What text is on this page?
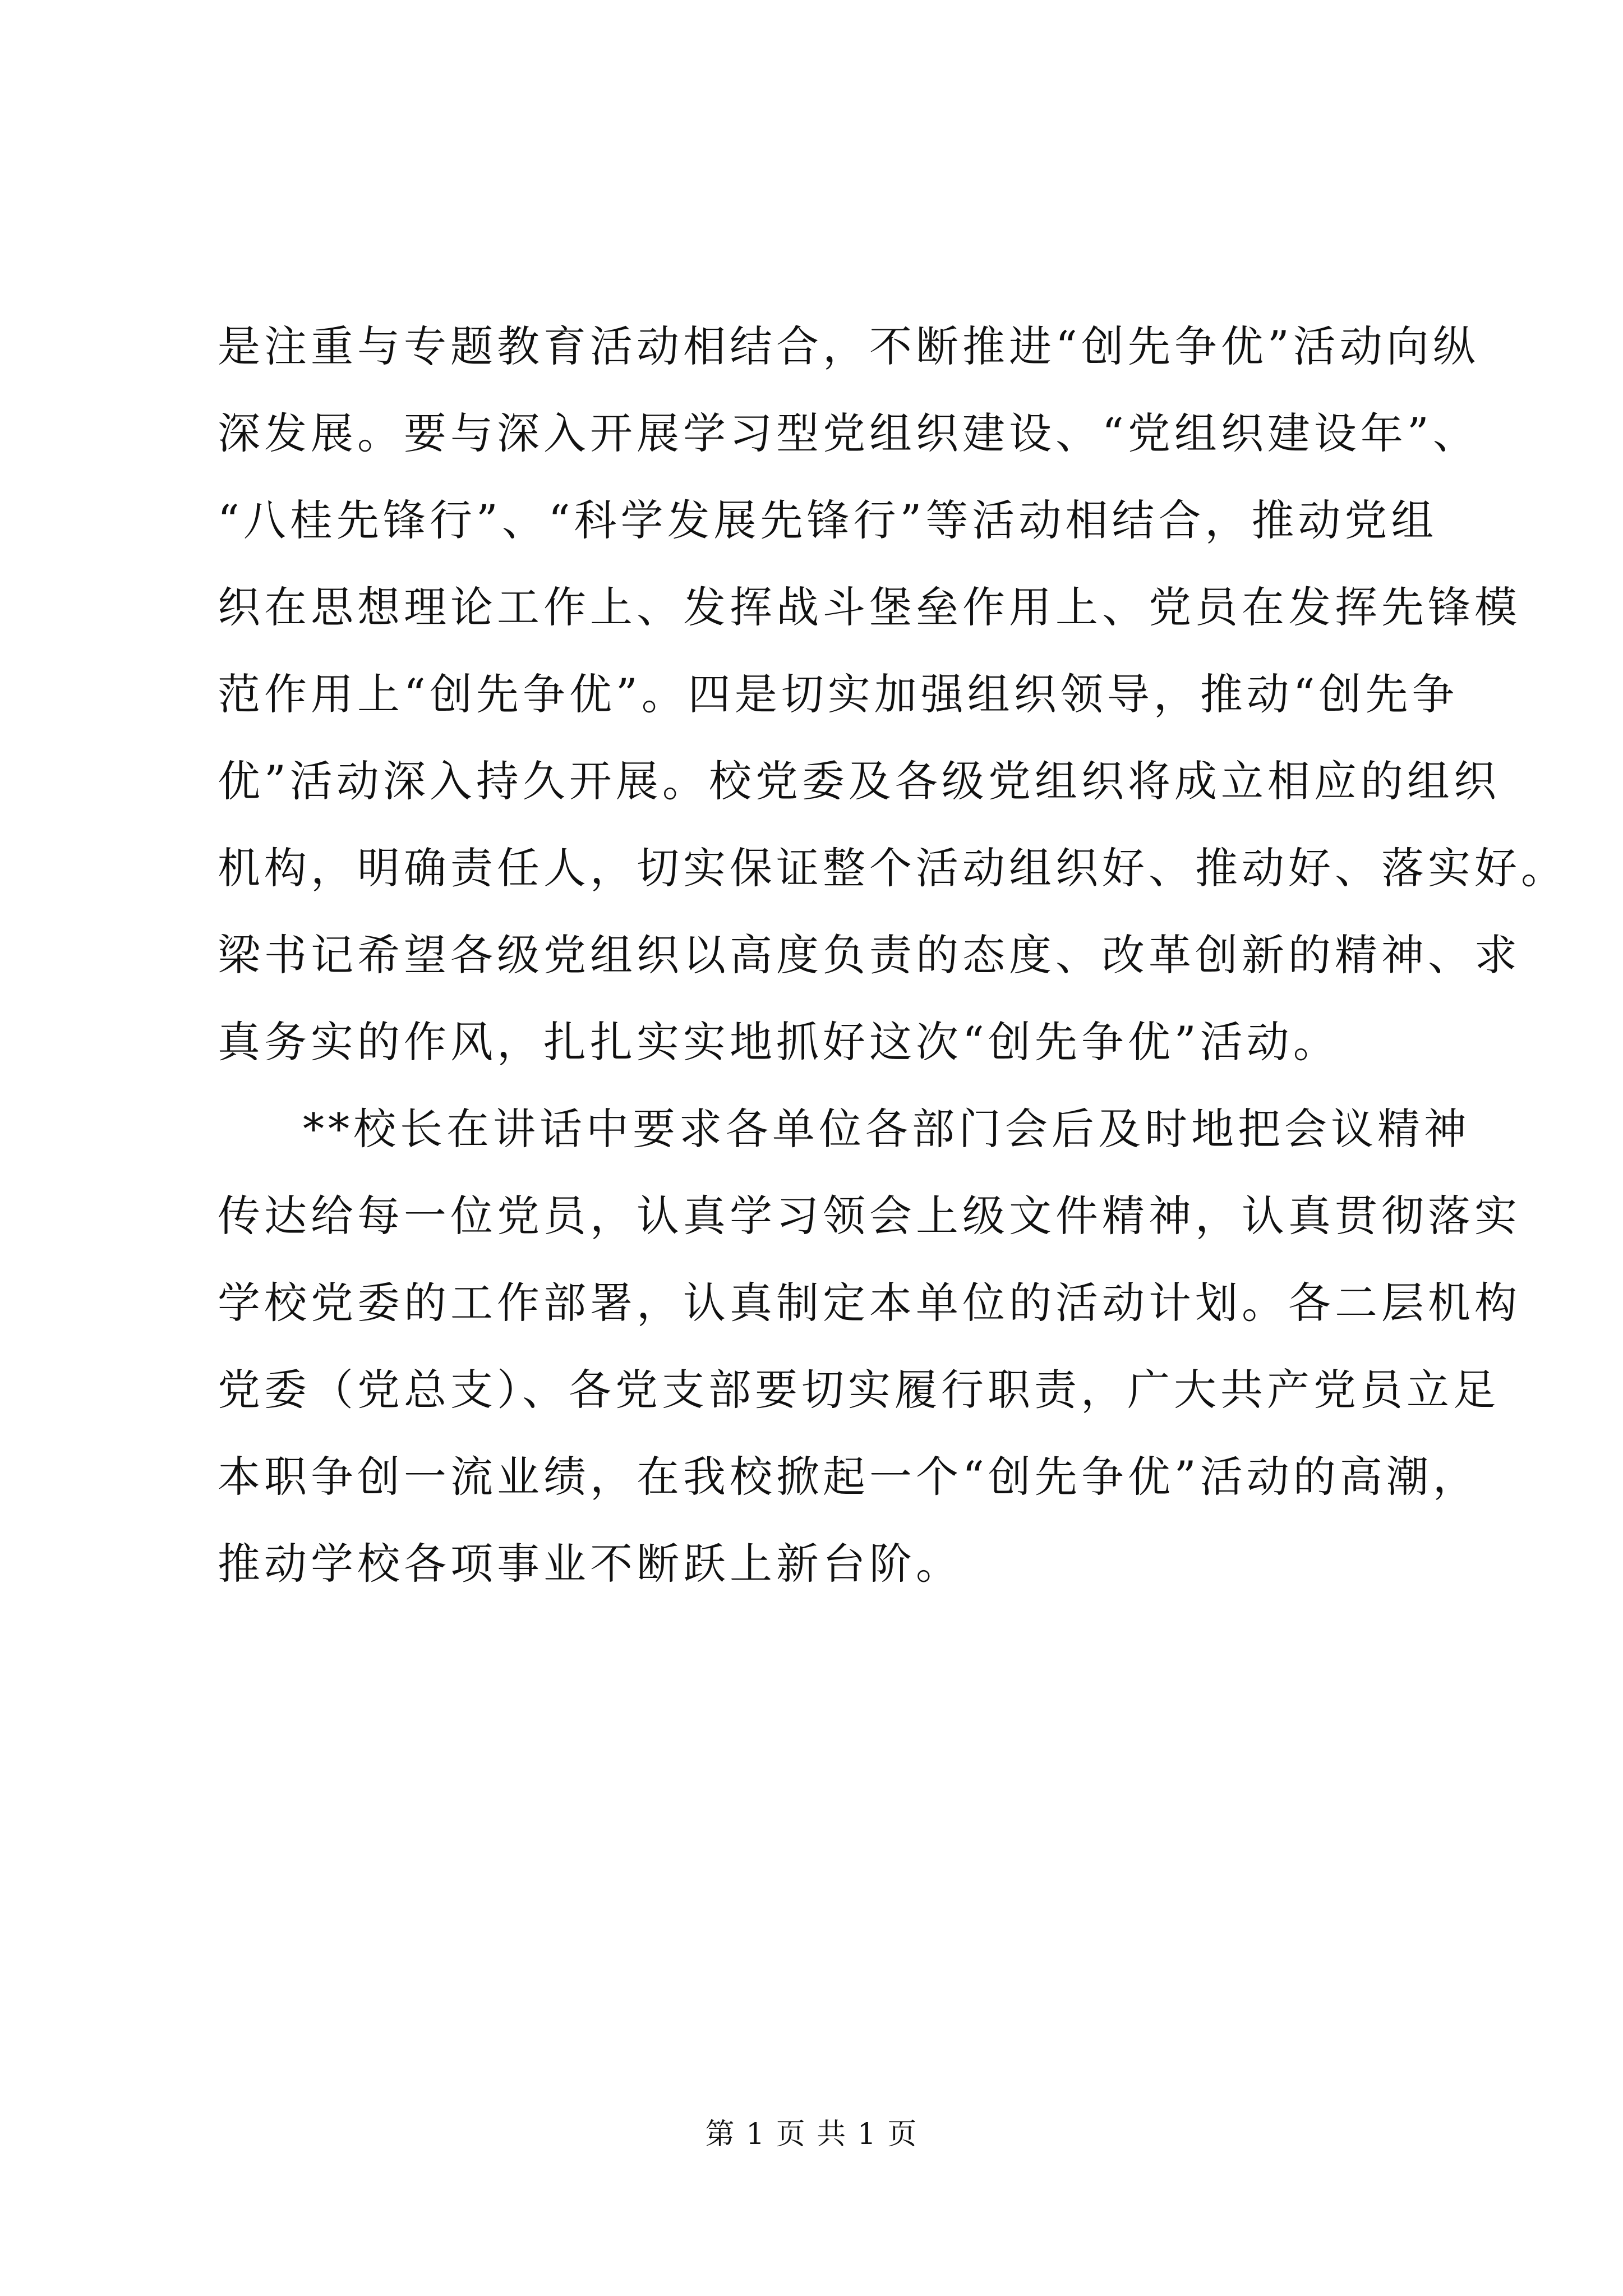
是注重与专题教育活动相结合，不断推进“创先争优”活动向纵
深发展。要与深入开展学习型党组织建设、“党组织建设年”、
“八桂先锋行”、“科学发展先锋行”等活动相结合，推动党组
织在思想理论工作上、发挥战斗堡垒作用上、党员在发挥先锋模
范作用上“创先争优”。四是切实加强组织领导，推动“创先争
优”活动深入持久开展。校党委及各级党组织将成立相应的组织
机构，明确责任人，切实保证整个活动组织好、推动好、落实好。
梁书记希望各级党组织以高度负责的态度、改革创新的精神、求
真务实的作风，扎扎实实地抓好这次“创先争优”活动。
**校长在讲话中要求各单位各部门会后及时地把会议精神
传达给每一位党员，认真学习领会上级文件精神，认真贯彻落实
学校党委的工作部署，认真制定本单位的活动计划。各二层机构
党委（党总支）、各党支部要切实履行职责，广大共产党员立足
本职争创一流业绩，在我校掀起一个“创先争优”活动的高潮，
推动学校各项事业不断跃上新台阶。
第 1 页 共 1 页
